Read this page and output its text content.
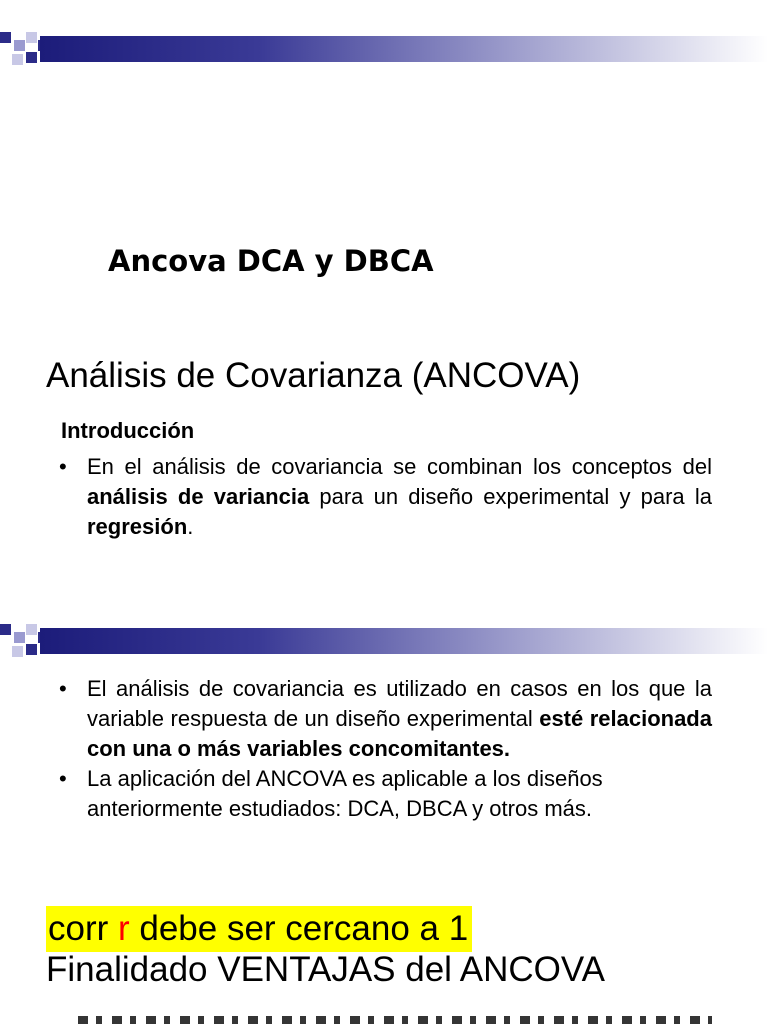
Ancova DCA y DBCA
Análisis de Covarianza (ANCOVA)
Introducción
• En el análisis de covariancia se combinan los conceptos del análisis de variancia para un diseño experimental y para la regresión.
• El análisis de covariancia es utilizado en casos en los que la variable respuesta de un diseño experimental esté relacionada con una o más variables concomitantes.
• La aplicación del ANCOVA es aplicable a los diseños anteriormente estudiados: DCA, DBCA y otros más.
corr r debe ser cercano a 1
Finalidado VENTAJAS del ANCOVA
